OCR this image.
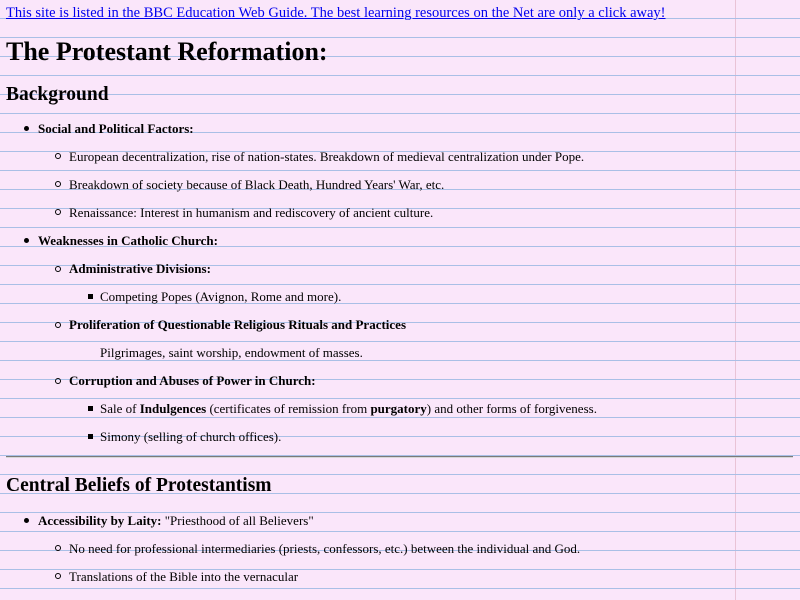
This site is listed in the BBC Education Web Guide. The best learning resources on the Net are only a click away!
The Protestant Reformation:
Background
Social and Political Factors:
European decentralization, rise of nation-states. Breakdown of medieval centralization under Pope.
Breakdown of society because of Black Death, Hundred Years' War, etc.
Renaissance: Interest in humanism and rediscovery of ancient culture.
Weaknesses in Catholic Church:
Administrative Divisions:
Competing Popes (Avignon, Rome and more).
Proliferation of Questionable Religious Rituals and Practices
Pilgrimages, saint worship, endowment of masses.
Corruption and Abuses of Power in Church:
Sale of Indulgences (certificates of remission from purgatory) and other forms of forgiveness.
Simony (selling of church offices).
Central Beliefs of Protestantism
Accessibility by Laity: "Priesthood of all Believers"
No need for professional intermediaries (priests, confessors, etc.) between the individual and God.
Translations of the Bible into the vernacular
